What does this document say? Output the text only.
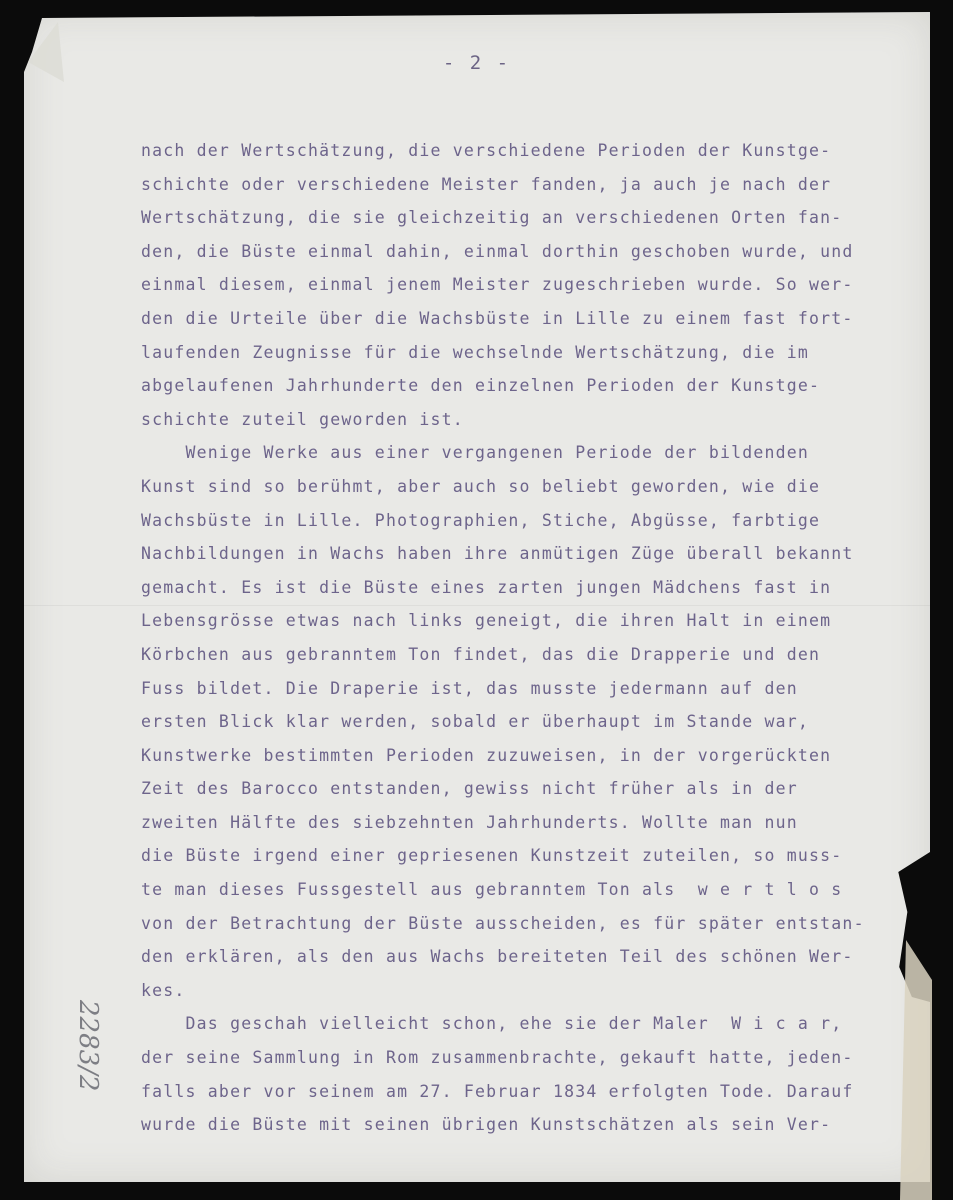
- 2 -
nach der Wertschätzung, die verschiedene Perioden der Kunstge-
schichte oder verschiedene Meister fanden, ja auch je nach der
Wertschätzung, die sie gleichzeitig an verschiedenen Orten fan-
den, die Büste einmal dahin, einmal dorthin geschoben wurde, und
einmal diesem, einmal jenem Meister zugeschrieben wurde. So wer-
den die Urteile über die Wachsbüste in Lille zu einem fast fort-
laufenden Zeugnisse für die wechselnde Wertschätzung, die im
abgelaufenen Jahrhunderte den einzelnen Perioden der Kunstge-
schichte zuteil geworden ist.
Wenige Werke aus einer vergangenen Periode der bildenden
Kunst sind so berühmt, aber auch so beliebt geworden, wie die
Wachsbüste in Lille. Photographien, Stiche, Abgüsse, farbtige
Nachbildungen in Wachs haben ihre anmütigen Züge überall bekannt
gemacht. Es ist die Büste eines zarten jungen Mädchens fast in
Lebensgrösse etwas nach links geneigt, die ihren Halt in einem
Körbchen aus gebranntem Ton findet, das die Drapperie und den
Fuss bildet. Die Draperie ist, das musste jedermann auf den
ersten Blick klar werden, sobald er überhaupt im Stande war,
Kunstwerke bestimmten Perioden zuzuweisen, in der vorgerückten
Zeit des Barocco entstanden, gewiss nicht früher als in der
zweiten Hälfte des siebzehnten Jahrhunderts. Wollte man nun
die Büste irgend einer gepriesenen Kunstzeit zuteilen, so muss-
te man dieses Fussgestell aus gebranntem Ton als  w e r t l o s
von der Betrachtung der Büste ausscheiden, es für später entstan-
den erklären, als den aus Wachs bereiteten Teil des schönen Wer-
kes.
Das geschah vielleicht schon, ehe sie der Maler  W i c a r,
der seine Sammlung in Rom zusammenbrachte, gekauft hatte, jeden-
falls aber vor seinem am 27. Februar 1834 erfolgten Tode. Darauf
wurde die Büste mit seinen übrigen Kunstschätzen als sein Ver-
2283/2
